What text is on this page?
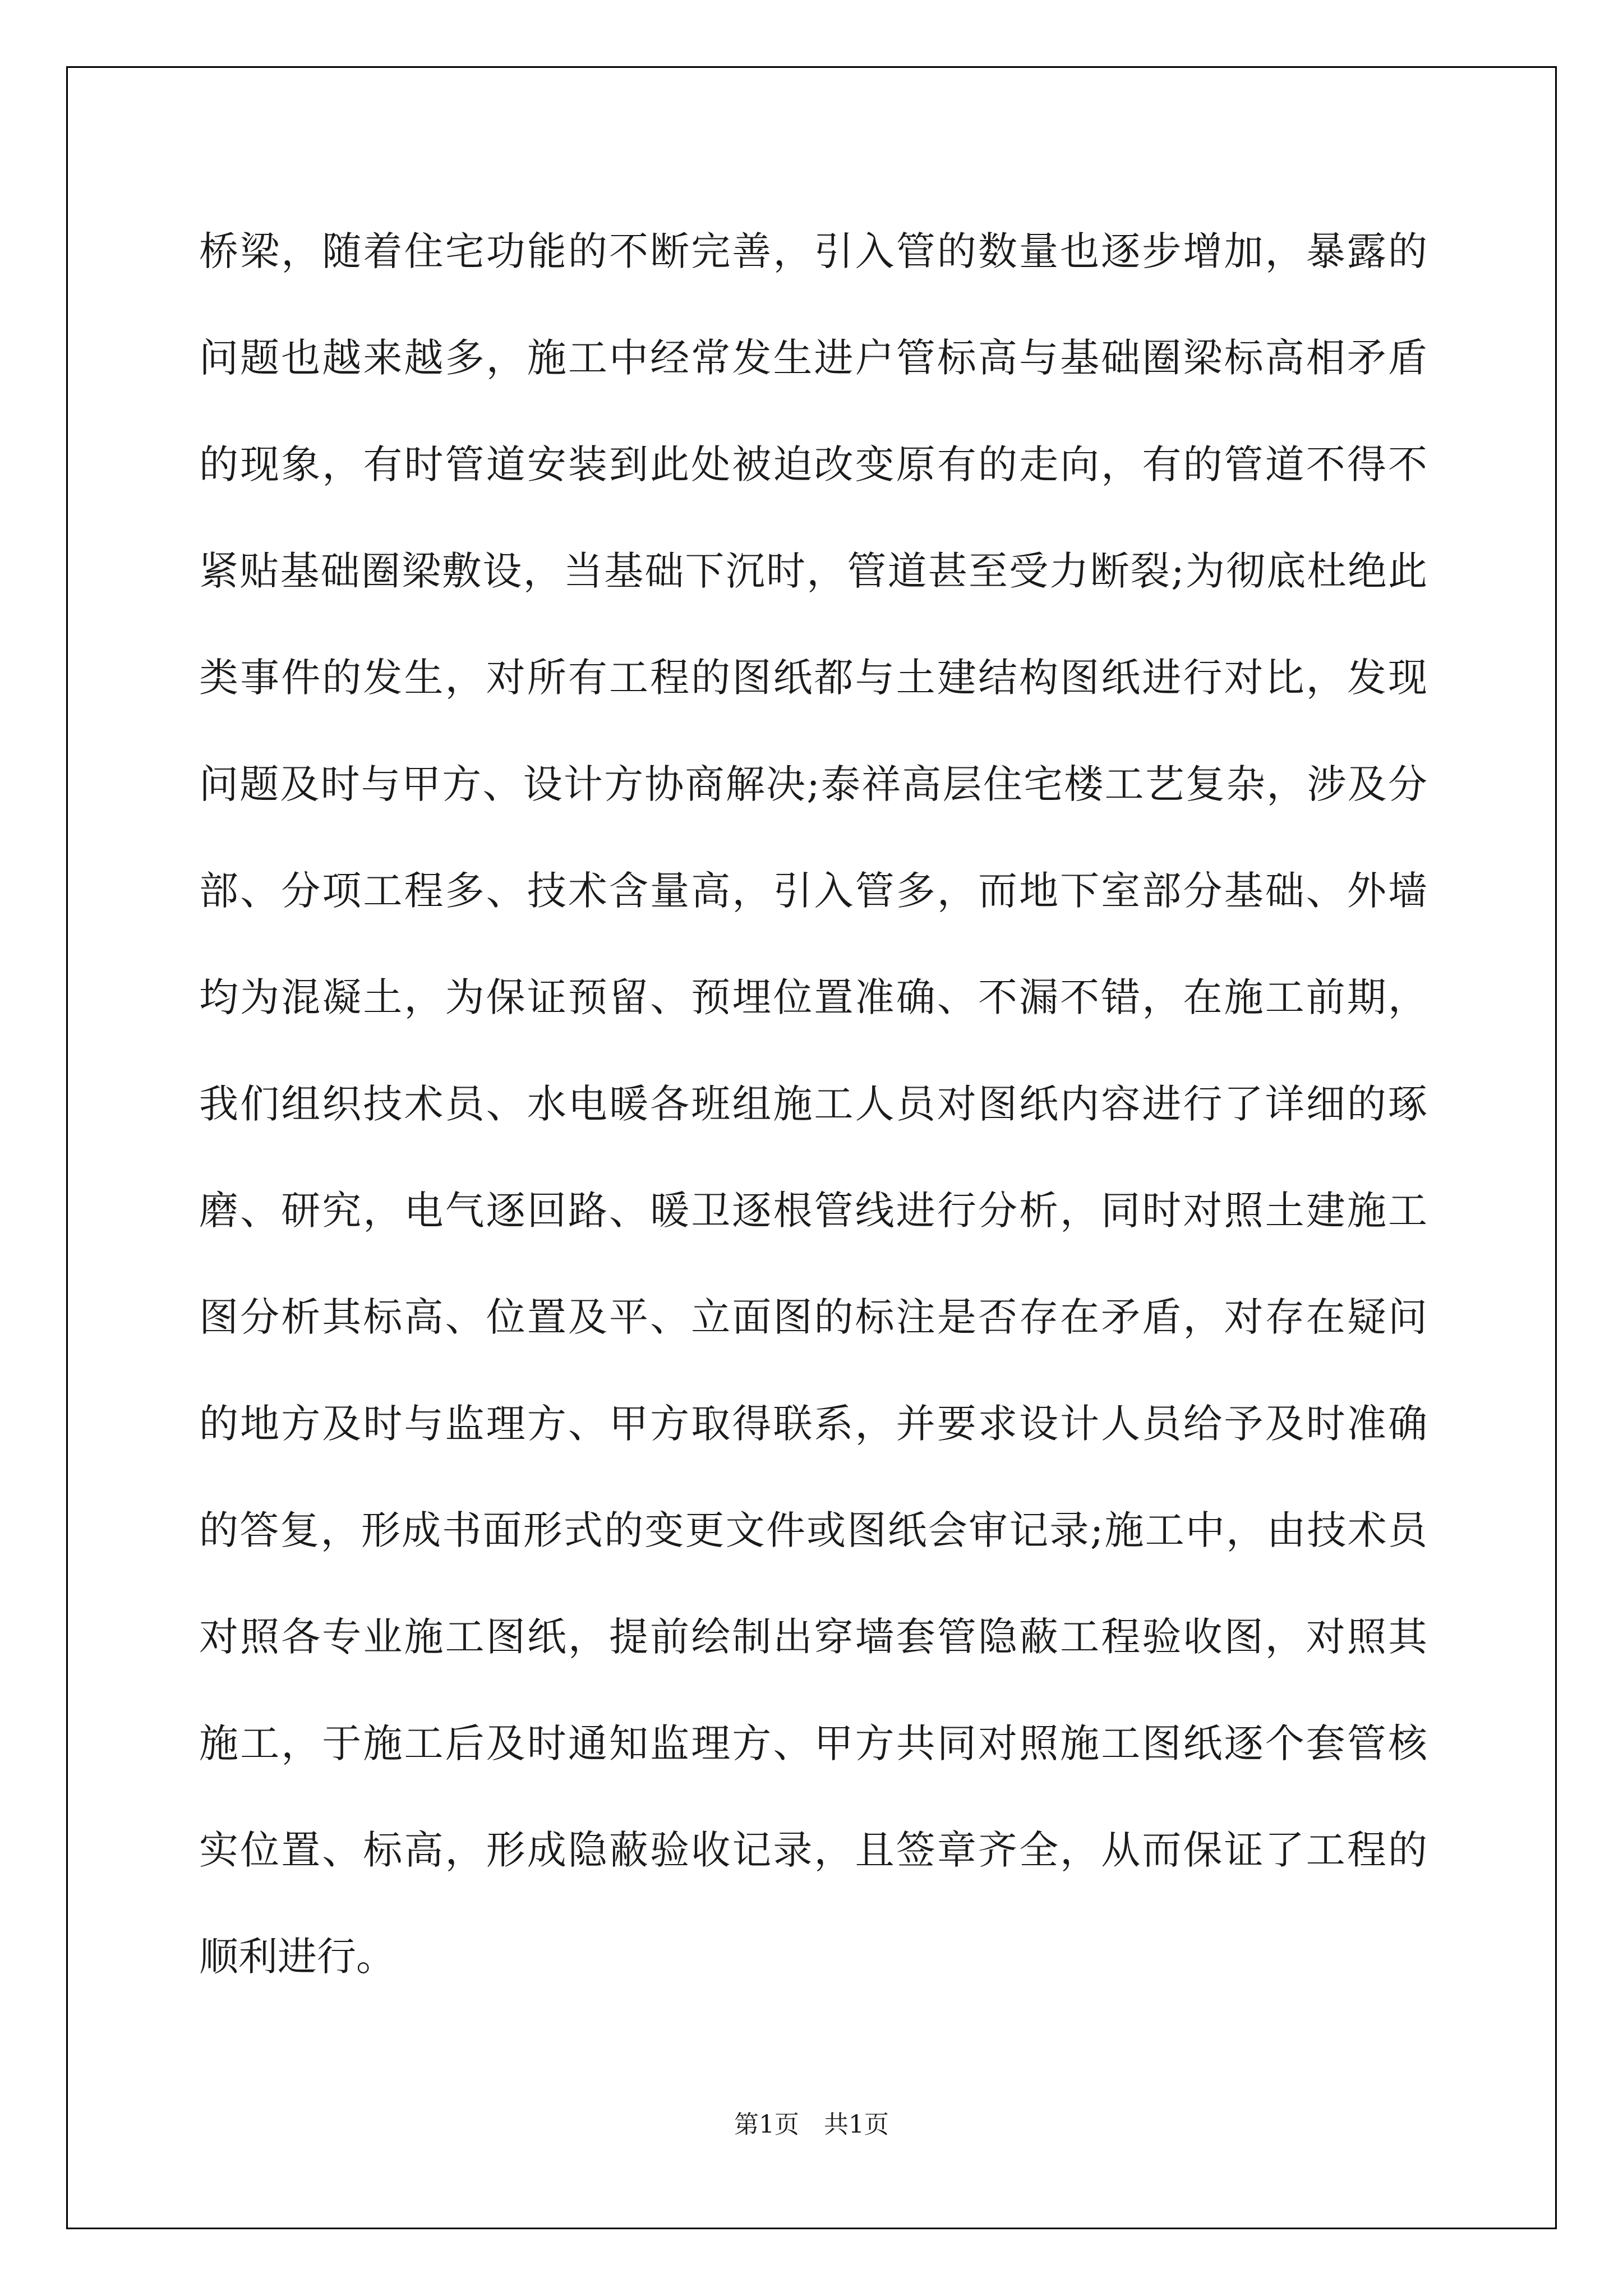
桥梁，随着住宅功能的不断完善，引入管的数量也逐步增加，暴露的
问题也越来越多，施工中经常发生进户管标高与基础圈梁标高相矛盾
的现象，有时管道安装到此处被迫改变原有的走向，有的管道不得不
紧贴基础圈梁敷设，当基础下沉时，管道甚至受力断裂;为彻底杜绝此
类事件的发生，对所有工程的图纸都与土建结构图纸进行对比，发现
问题及时与甲方、设计方协商解决;泰祥高层住宅楼工艺复杂，涉及分
部、分项工程多、技术含量高，引入管多，而地下室部分基础、外墙
均为混凝土，为保证预留、预埋位置准确、不漏不错，在施工前期，
我们组织技术员、水电暖各班组施工人员对图纸内容进行了详细的琢
磨、研究，电气逐回路、暖卫逐根管线进行分析，同时对照土建施工
图分析其标高、位置及平、立面图的标注是否存在矛盾，对存在疑问
的地方及时与监理方、甲方取得联系，并要求设计人员给予及时准确
的答复，形成书面形式的变更文件或图纸会审记录;施工中，由技术员
对照各专业施工图纸，提前绘制出穿墙套管隐蔽工程验收图，对照其
施工，于施工后及时通知监理方、甲方共同对照施工图纸逐个套管核
实位置、标高，形成隐蔽验收记录，且签章齐全，从而保证了工程的
顺利进行。
第1页 共1页
